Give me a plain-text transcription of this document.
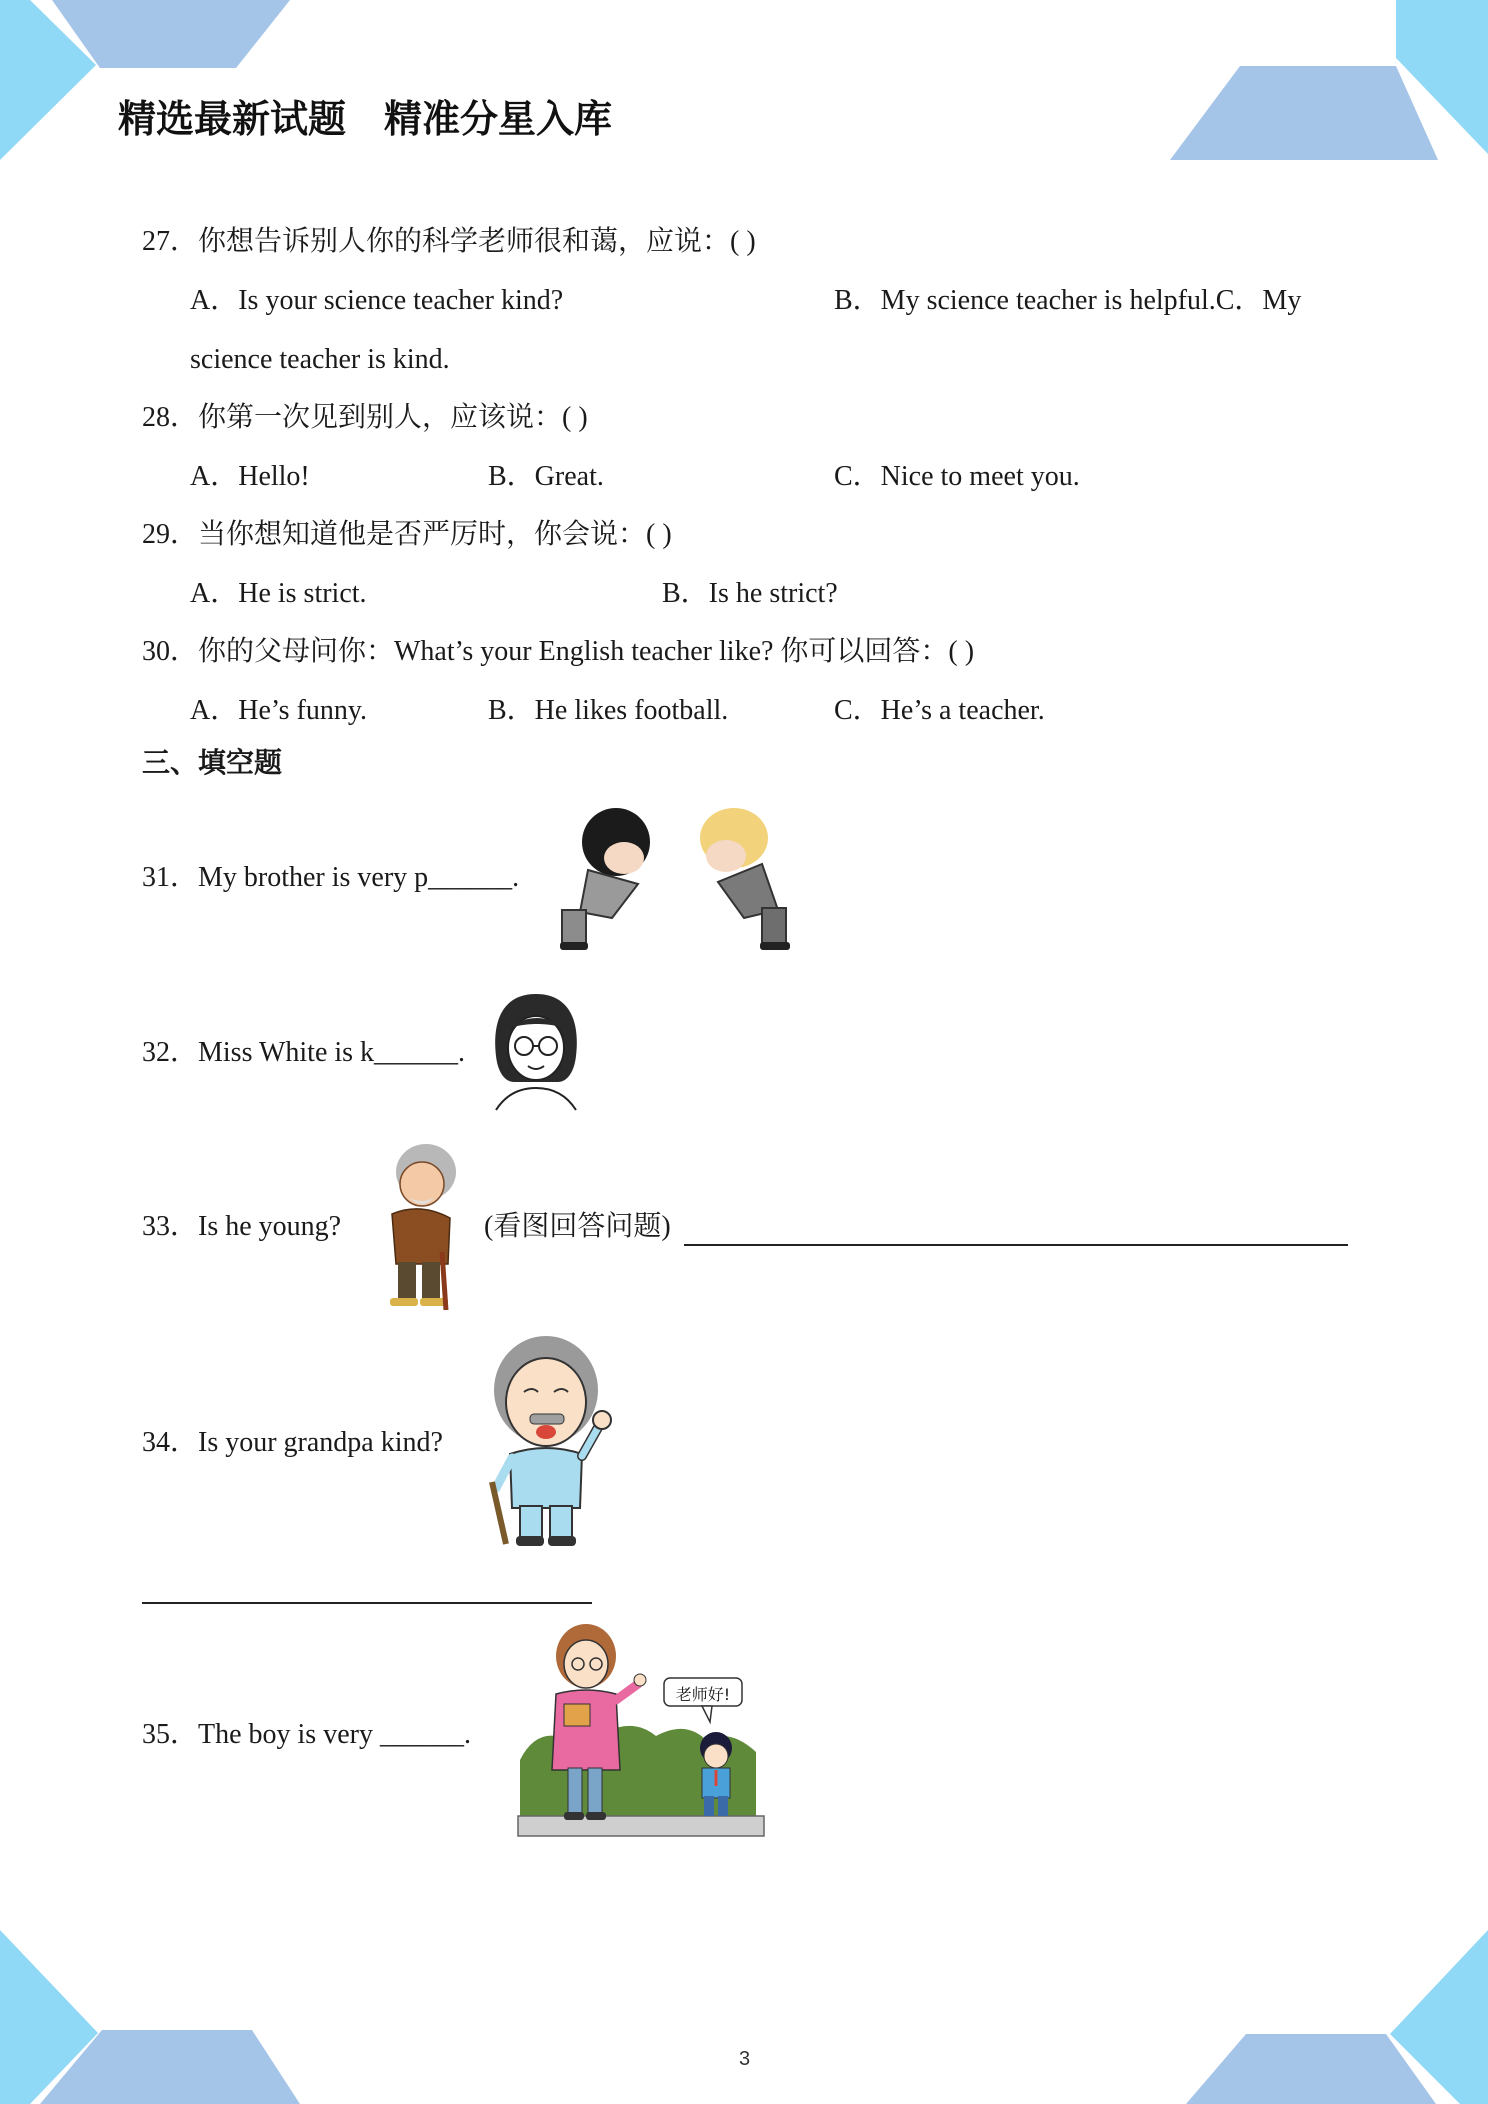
精选最新试题　精准分星入库
27．你想告诉别人你的科学老师很和蔼，应说：( )
A．Is your science teacher kind?	B．My science teacher is helpful.C．My
science teacher is kind.
28．你第一次见到别人，应该说：( )
A．Hello!	B．Great.	C．Nice to meet you.
29．当你想知道他是否严厉时，你会说：( )
A．He is strict.	B．Is he strict?
30．你的父母问你：What’s your English teacher like? 你可以回答：( )
A．He’s funny.	B．He likes football.	C．He’s a teacher.
三、填空题
31．My brother is very p______.
32．Miss White is k______.
33．Is he young?	(看图回答问题)
34．Is your grandpa kind?
35．The boy is very ______.
老师好!
3
